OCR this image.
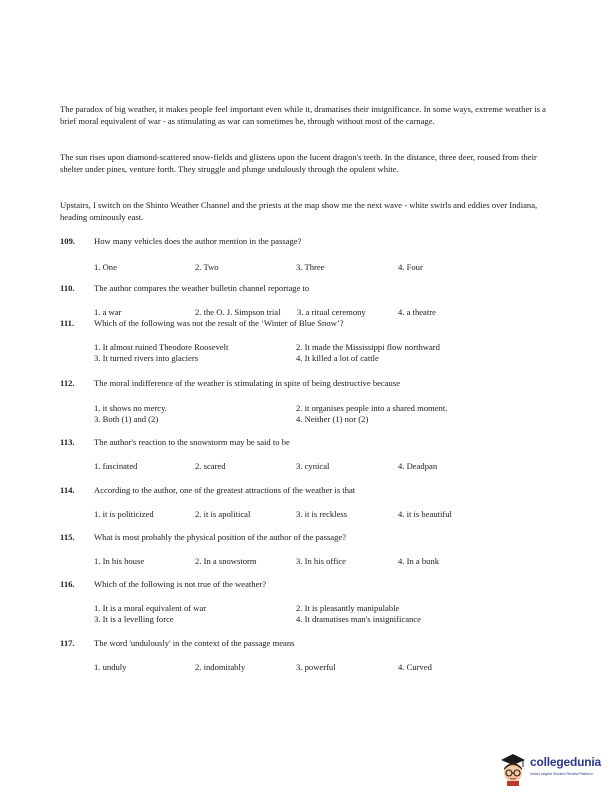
The paradox of big weather, it makes people feel important even while it, dramatises their insignificance. In some ways, extreme weather is a brief moral equivalent of war - as stimulating as war can sometimes be, through without most of the carnage.

The sun rises upon diamond-scattered snow-fields and glistens upon the lucent dragon's teeth. In the distance, three deer, roused from their shelter under pines, venture forth. They struggle and plunge undulously through the opulent white.

Upstairs, I switch on the Shinto Weather Channel and the priests at the map show me the next wave - white swirls and eddies over Indiana, heading ominously east.

109. How many vehicles does the author mention in the passage?
1. One	2. Two	3. Three	4. Four
110. The author compares the weather bulletin channel reportage to
1. a war	2. the O. J. Simpson trial 3. a ritual ceremony	4. a theatre
111. Which of the following was not the result of the ‘Winter of Blue Snow’?
1. It almost ruined Theodore Roosevelt	2. It made the Mississippi flow northward
3. It turned rivers into glaciers	4. It killed a lot of cattle
112. The moral indifference of the weather is stimulating in spite of being destructive because
1. it shows no mercy.	2. it organises people into a shared moment.
3. Both (1) and (2)	4. Neither (1) nor (2)
113. The author's reaction to the snowstorm may be said to be
1. fascinated	2. scared	3. cynical	4. Deadpan
114. According to the author, one of the greatest attractions of the weather is that
1. it is politicized	2. it is apolitical	3. it is reckless	4. it is beautiful
115. What is most probably the physical position of the author of the passage?
1. In his house	2. In a snowstorm	3. In his office	4. In a bunk
116. Which of the following is not true of the weather?
1. It is a moral equivalent of war	2. It is pleasantly manipulable
3. It is a levelling force	4. It dramatises man's insignificance
117. The word 'undulously' in the context of the passage means
1. unduly	2. indomitably	3. powerful	4. Curved
collegedunia
India's largest Student Review Platform
